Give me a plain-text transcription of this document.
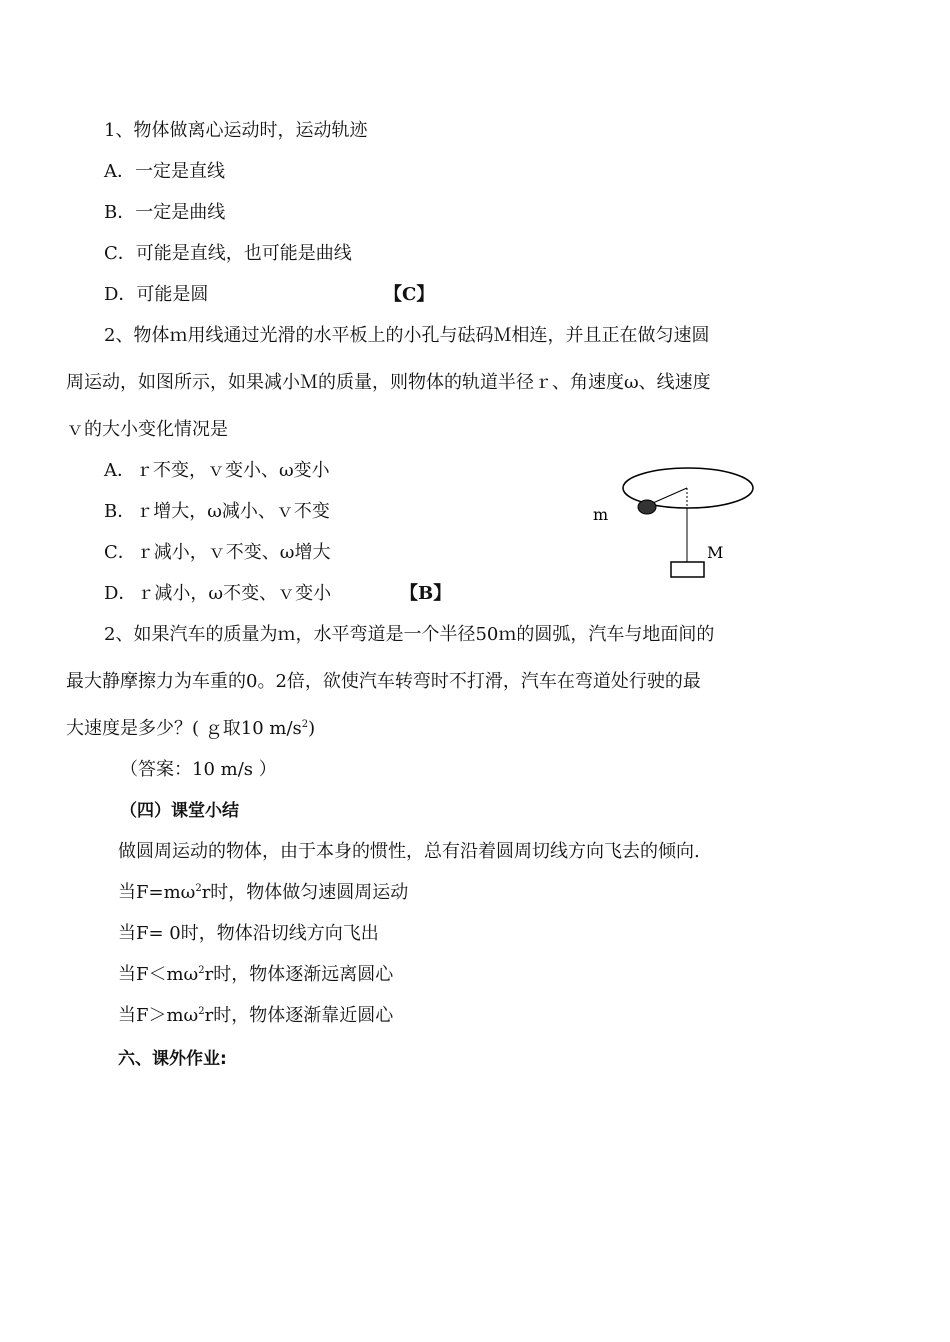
1、物体做离心运动时，运动轨迹
A．一定是直线
B．一定是曲线
C．可能是直线，也可能是曲线
D．可能是圆	【C】
2、物体ｍ用线通过光滑的水平板上的小孔与砝码Ｍ相连，并且正在做匀速圆
周运动，如图所示，如果减小Ｍ的质量，则物体的轨道半径ｒ、角速度ω、线速度
ｖ的大小变化情况是
A．ｒ不变，ｖ变小、ω变小
B．ｒ增大，ω减小、ｖ不变
C．ｒ减小，ｖ不变、ω增大
D．ｒ减小，ω不变、ｖ变小	【B】
m
M
2、如果汽车的质量为ｍ，水平弯道是一个半径50ｍ的圆弧，汽车与地面间的
最大静摩擦力为车重的0。2倍，欲使汽车转弯时不打滑，汽车在弯道处行驶的最
大速度是多少？( ｇ取10 $m/s^2$)
（答案：10 m/s ）
（四）课堂小结
做圆周运动的物体，由于本身的惯性，总有沿着圆周切线方向飞去的倾向.
当$F=m\omega^2r$时，物体做匀速圆周运动
当F= 0时，物体沿切线方向飞出
当$F<m\omega^2r$时，物体逐渐远离圆心
当$F>m\omega^2r$时，物体逐渐靠近圆心
六、课外作业:
